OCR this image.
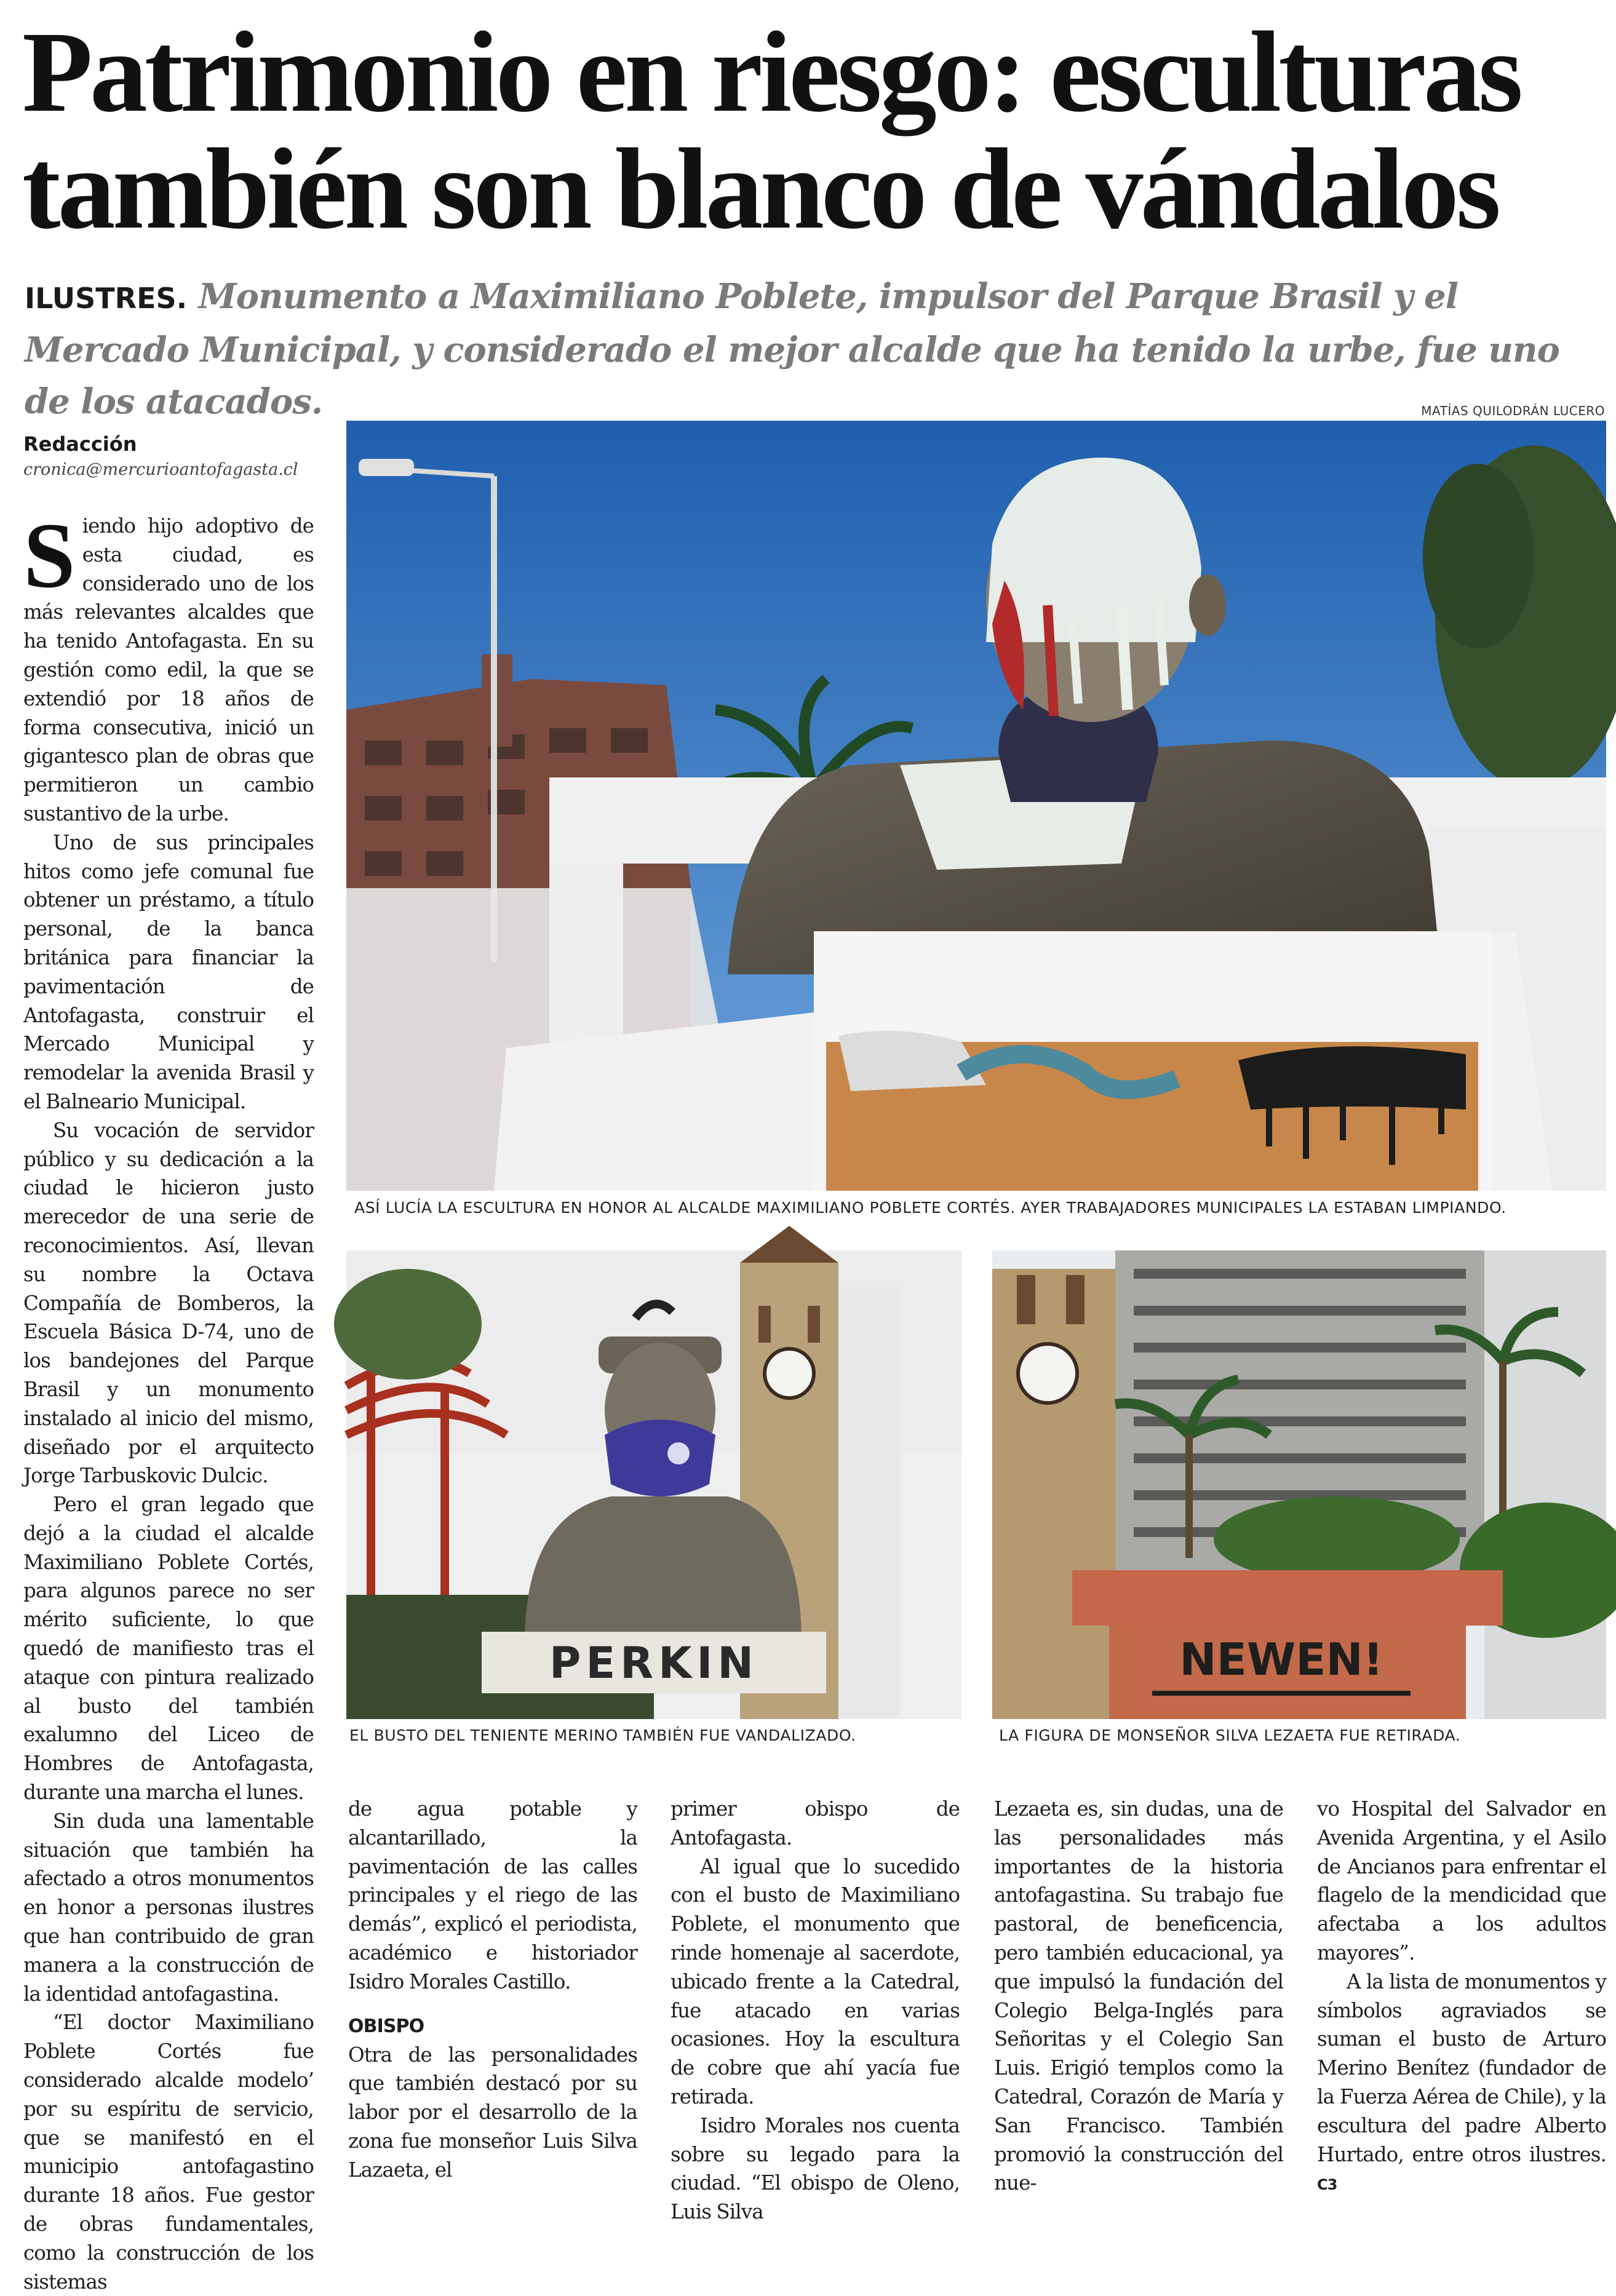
Patrimonio en riesgo: esculturas
también son blanco de vándalos
ILUSTRES. Monumento a Maximiliano Poblete, impulsor del Parque Brasil y el Mercado Municipal, y considerado el mejor alcalde que ha tenido la urbe, fue uno de los atacados.
Redacción
cronica@mercurioantofagasta.cl

Siendo hijo adoptivo de esta ciudad, es considerado uno de los más relevantes alcaldes que ha tenido Antofagasta. En su gestión como edil, la que se extendió por 18 años de forma consecutiva, inició un gigantesco plan de obras que permitieron un cambio sustantivo de la urbe.

Uno de sus principales hitos como jefe comunal fue obtener un préstamo, a título personal, de la banca británica para financiar la pavimentación de Antofagasta, construir el Mercado Municipal y remodelar la avenida Brasil y el Balneario Municipal.

Su vocación de servidor público y su dedicación a la ciudad le hicieron justo merecedor de una serie de reconocimientos. Así, llevan su nombre la Octava Compañía de Bomberos, la Escuela Básica D-74, uno de los bandejones del Parque Brasil y un monumento instalado al inicio del mismo, diseñado por el arquitecto Jorge Tarbuskovic Dulcic.

Pero el gran legado que dejó a la ciudad el alcalde Maximiliano Poblete Cortés, para algunos parece no ser mérito suficiente, lo que quedó de manifiesto tras el ataque con pintura realizado al busto del también exalumno del Liceo de Hombres de Antofagasta, durante una marcha el lunes.

Sin duda una lamentable situación que también ha afectado a otros monumentos en honor a personas ilustres que han contribuido de gran manera a la construcción de la identidad antofagastina.

“El doctor Maximiliano Poblete Cortés fue considerado alcalde modelo’ por su espíritu de servicio, que se manifestó en el municipio antofagastino durante 18 años. Fue gestor de obras fundamentales, como la construcción de los sistemas

de agua potable y alcantarillado, la pavimentación de las calles principales y el riego de las demás”, explicó el periodista, académico e historiador Isidro Morales Castillo.

OBISPO

Otra de las personalidades que también destacó por su labor por el desarrollo de la zona fue monseñor Luis Silva Lazaeta, el

primer obispo de Antofagasta.

Al igual que lo sucedido con el busto de Maximiliano Poblete, el monumento que rinde homenaje al sacerdote, ubicado frente a la Catedral, fue atacado en varias ocasiones. Hoy la escultura de cobre que ahí yacía fue retirada.

Isidro Morales nos cuenta sobre su legado para la ciudad. “El obispo de Oleno, Luis Silva

Lezaeta es, sin dudas, una de las personalidades más importantes de la historia antofagastina. Su trabajo fue pastoral, de beneficencia, pero también educacional, ya que impulsó la fundación del Colegio Belga-Inglés para Señoritas y el Colegio San Luis. Erigió templos como la Catedral, Corazón de María y San Francisco. También promovió la construcción del nue-

vo Hospital del Salvador en Avenida Argentina, y el Asilo de Ancianos para enfrentar el flagelo de la mendicidad que afectaba a los adultos mayores”.

A la lista de monumentos y símbolos agraviados se suman el busto de Arturo Merino Benítez (fundador de la Fuerza Aérea de Chile), y la escultura del padre Alberto Hurtado, entre otros ilustres. C3

MATÍAS QUILODRÁN LUCERO
ASÍ LUCÍA LA ESCULTURA EN HONOR AL ALCALDE MAXIMILIANO POBLETE CORTÉS. AYER TRABAJADORES MUNICIPALES LA ESTABAN LIMPIANDO.
PERKIN
EL BUSTO DEL TENIENTE MERINO TAMBIÉN FUE VANDALIZADO.
NEWEN!
LA FIGURA DE MONSEÑOR SILVA LEZAETA FUE RETIRADA.
